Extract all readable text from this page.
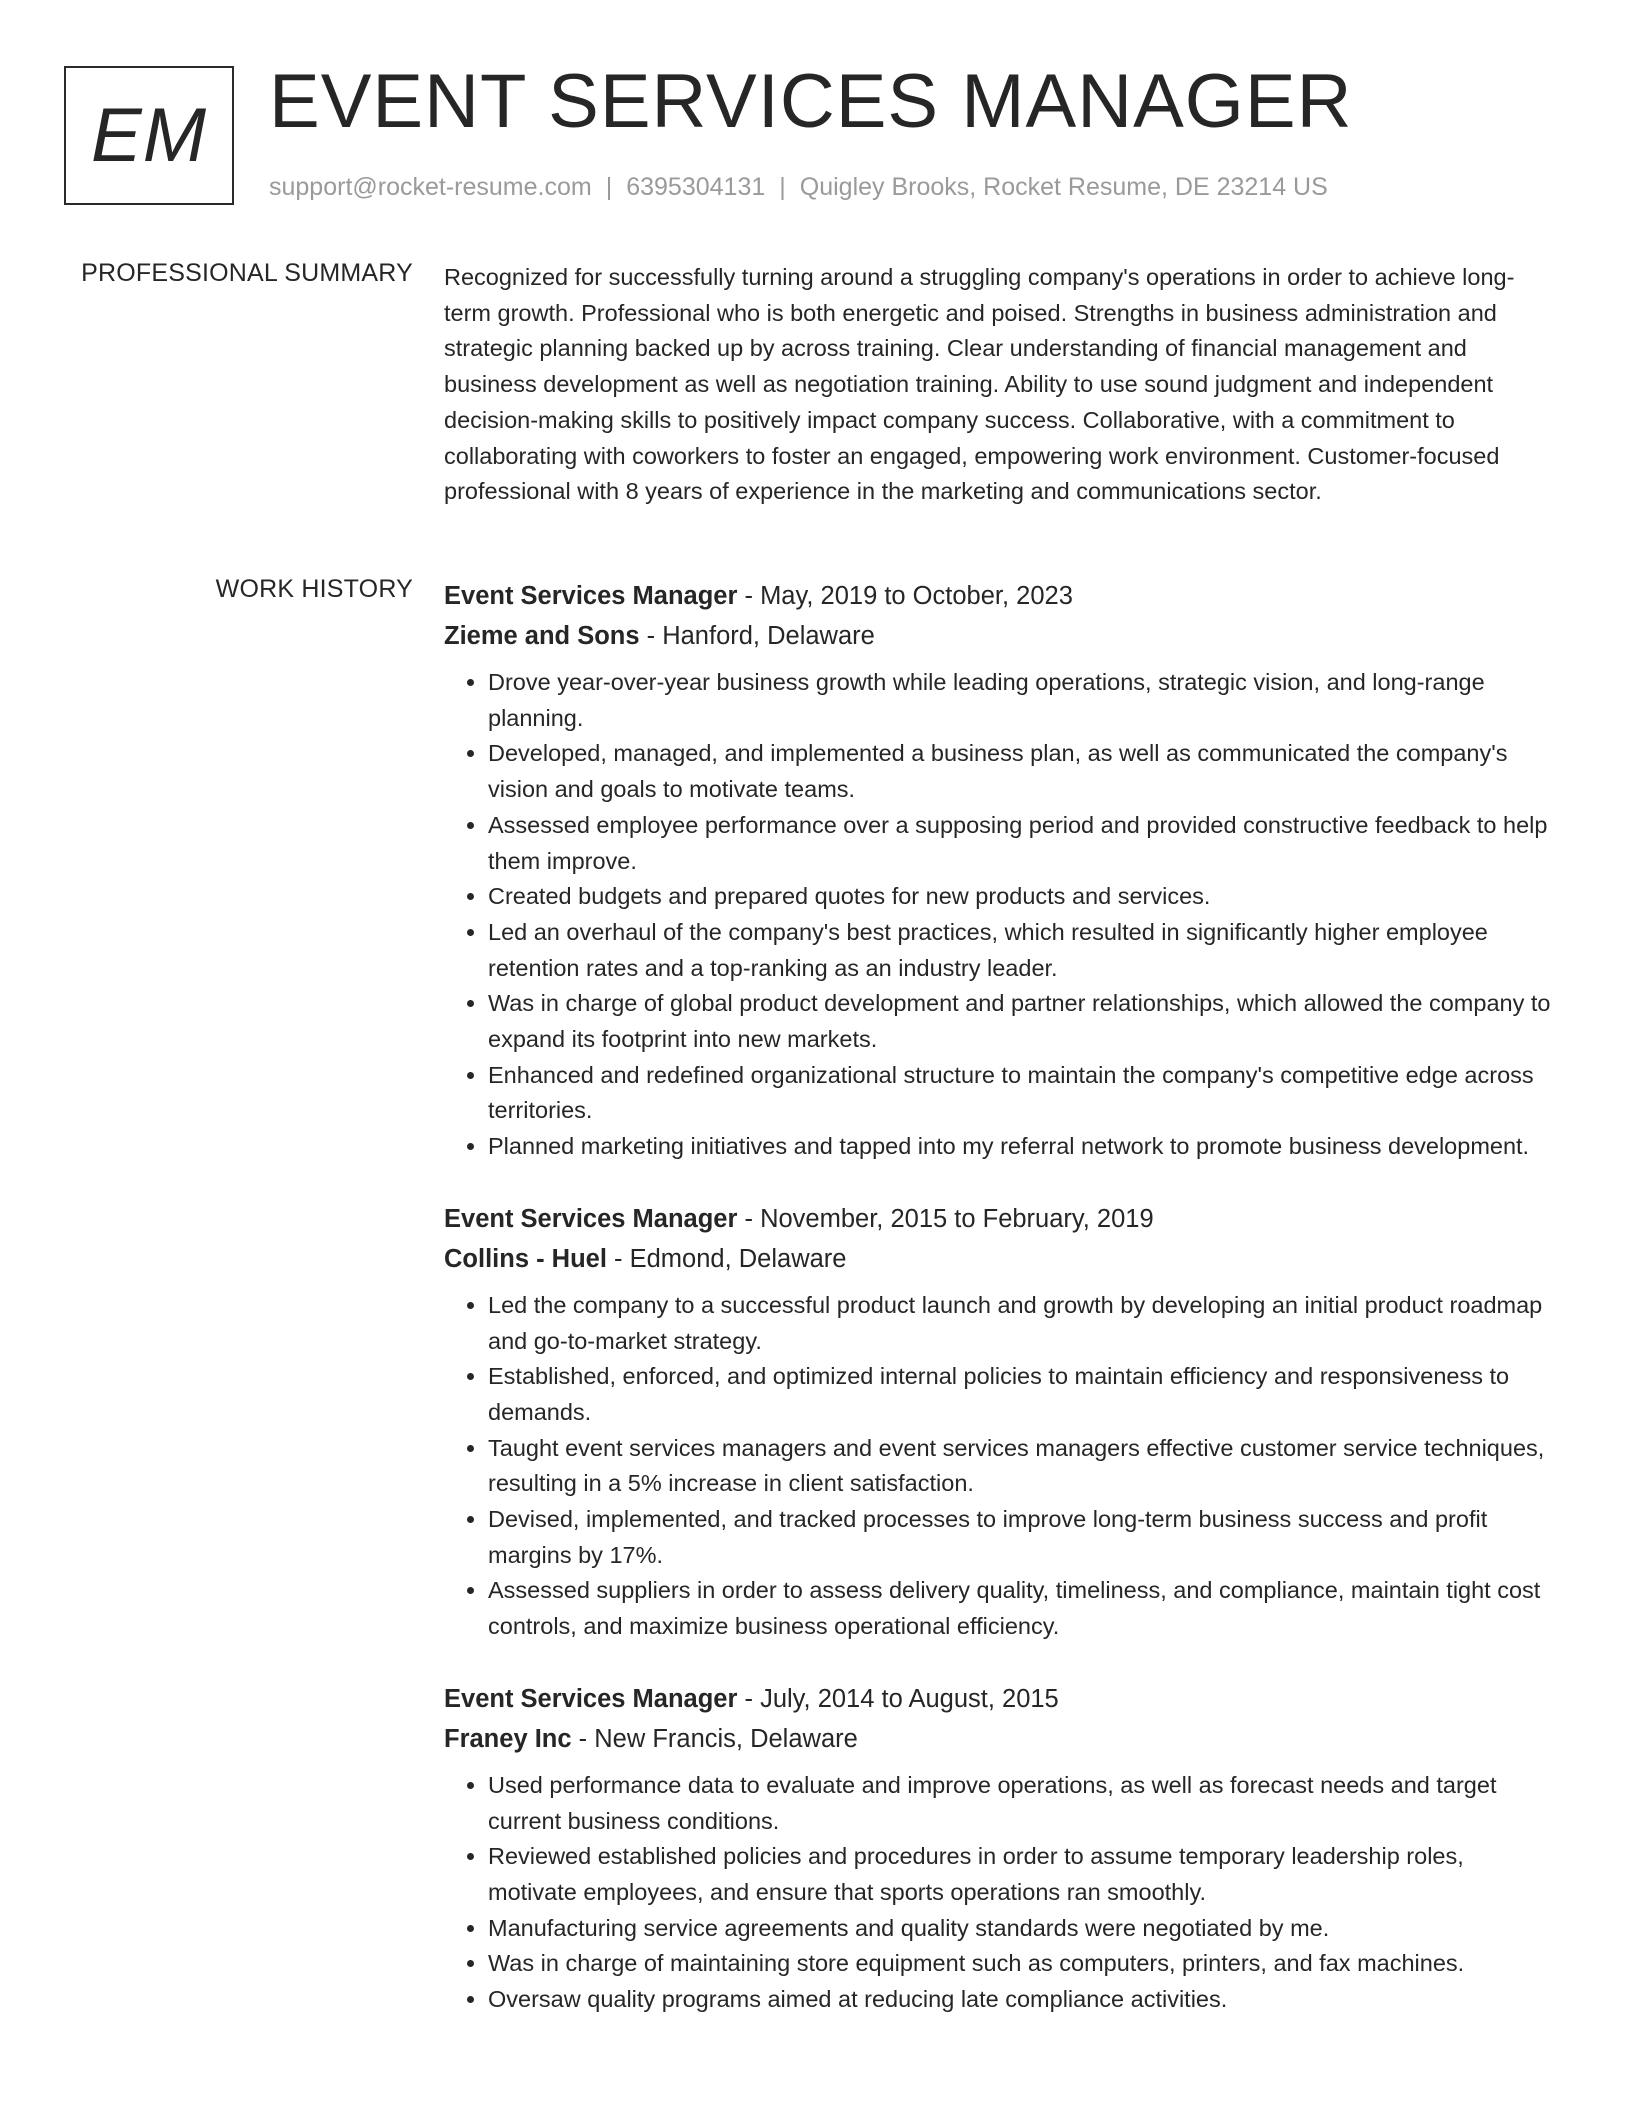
EM EVENT SERVICES MANAGER
support@rocket-resume.com | 6395304131 | Quigley Brooks, Rocket Resume, DE 23214 US
PROFESSIONAL SUMMARY Recognized for successfully turning around a struggling company's operations in order to achieve long-term growth. Professional who is both energetic and poised. Strengths in business administration and strategic planning backed up by across training. Clear understanding of financial management and business development as well as negotiation training. Ability to use sound judgment and independent decision-making skills to positively impact company success. Collaborative, with a commitment to collaborating with coworkers to foster an engaged, empowering work environment. Customer-focused professional with 8 years of experience in the marketing and communications sector.

WORK HISTORY Event Services Manager - May, 2019 to October, 2023
Zieme and Sons - Hanford, Delaware
• Drove year-over-year business growth while leading operations, strategic vision, and long-range planning.
• Developed, managed, and implemented a business plan, as well as communicated the company's vision and goals to motivate teams.
• Assessed employee performance over a supposing period and provided constructive feedback to help them improve.
• Created budgets and prepared quotes for new products and services.
• Led an overhaul of the company's best practices, which resulted in significantly higher employee retention rates and a top-ranking as an industry leader.
• Was in charge of global product development and partner relationships, which allowed the company to expand its footprint into new markets.
• Enhanced and redefined organizational structure to maintain the company's competitive edge across territories.
• Planned marketing initiatives and tapped into my referral network to promote business development.
Event Services Manager - November, 2015 to February, 2019
Collins - Huel - Edmond, Delaware
• Led the company to a successful product launch and growth by developing an initial product roadmap and go-to-market strategy.
• Established, enforced, and optimized internal policies to maintain efficiency and responsiveness to demands.
• Taught event services managers and event services managers effective customer service techniques, resulting in a 5% increase in client satisfaction.
• Devised, implemented, and tracked processes to improve long-term business success and profit margins by 17%.
• Assessed suppliers in order to assess delivery quality, timeliness, and compliance, maintain tight cost controls, and maximize business operational efficiency.
Event Services Manager - July, 2014 to August, 2015
Franey Inc - New Francis, Delaware
• Used performance data to evaluate and improve operations, as well as forecast needs and target current business conditions.
• Reviewed established policies and procedures in order to assume temporary leadership roles, motivate employees, and ensure that sports operations ran smoothly.
• Manufacturing service agreements and quality standards were negotiated by me.
• Was in charge of maintaining store equipment such as computers, printers, and fax machines.
• Oversaw quality programs aimed at reducing late compliance activities.
